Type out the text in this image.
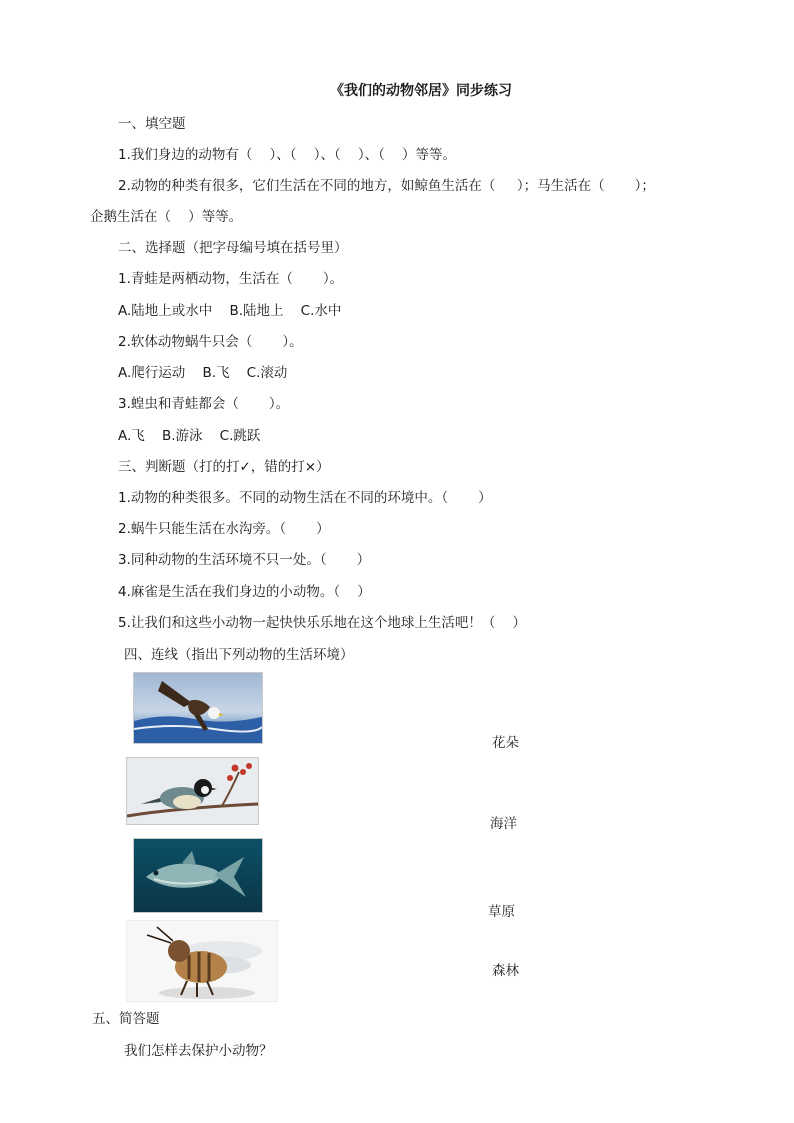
《我们的动物邻居》同步练习
一、填空题
1.我们身边的动物有（    ）、（    ）、（    ）、（    ）等等。
2.动物的种类有很多，它们生活在不同的地方，如鲸鱼生活在（     ）；马生活在（       ）；
企鹅生活在（    ）等等。
二、选择题（把字母编号填在括号里）
1.青蛙是两栖动物，生活在（       ）。
A.陆地上或水中    B.陆地上    C.水中
2.软体动物蜗牛只会（       ）。
A.爬行运动    B.飞    C.滚动
3.蝗虫和青蛙都会（       ）。
A.飞    B.游泳    C.跳跃
三、判断题（打的打✓，错的打×）
1.动物的种类很多。不同的动物生活在不同的环境中。（       ）
2.蜗牛只能生活在水沟旁。（       ）
3.同种动物的生活环境不只一处。（       ）
4.麻雀是生活在我们身边的小动物。（    ）
5.让我们和这些小动物一起快快乐乐地在这个地球上生活吧！（    ）
四、连线（指出下列动物的生活环境）
花朵
海洋
草原
森林
五、简答题
我们怎样去保护小动物？
